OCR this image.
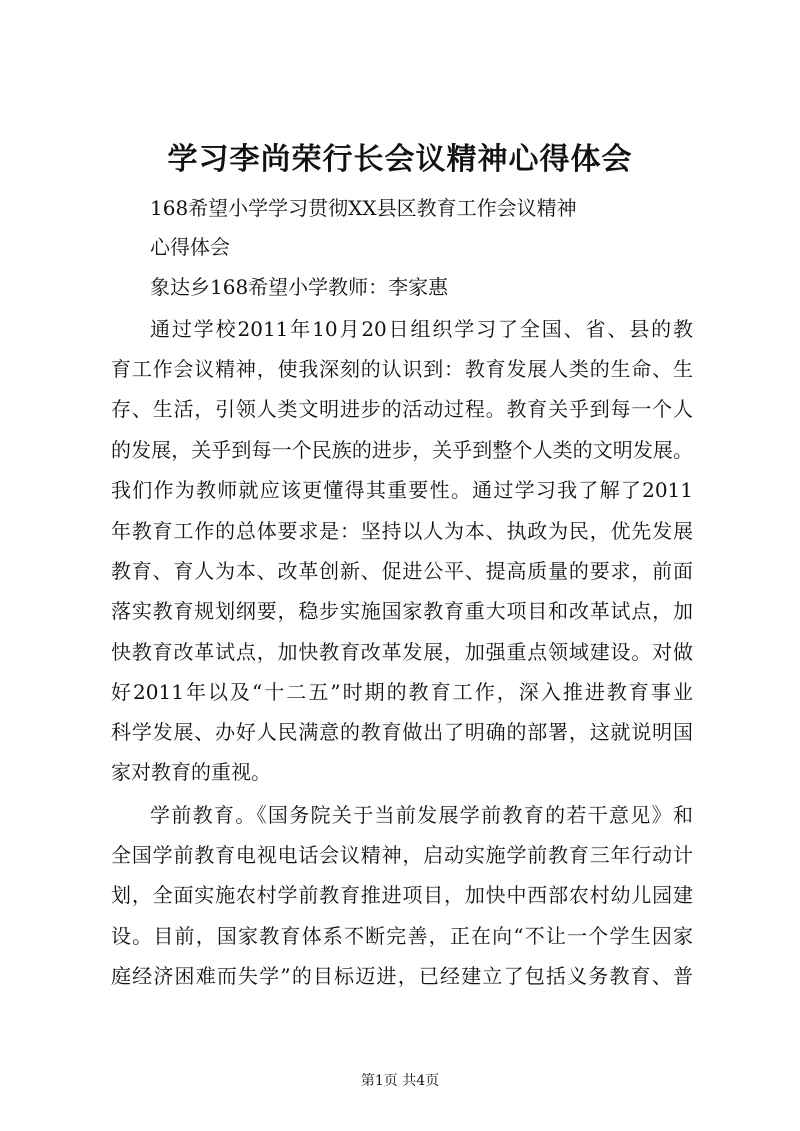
学习李尚荣行长会议精神心得体会
168希望小学学习贯彻XX县区教育工作会议精神
心得体会
象达乡168希望小学教师：李家惠
通过学校2011年10月20日组织学习了全国、省、县的教
育工作会议精神，使我深刻的认识到：教育发展人类的生命、生
存、生活，引领人类文明进步的活动过程。教育关乎到每一个人
的发展，关乎到每一个民族的进步，关乎到整个人类的文明发展。
我们作为教师就应该更懂得其重要性。通过学习我了解了2011
年教育工作的总体要求是：坚持以人为本、执政为民，优先发展
教育、育人为本、改革创新、促进公平、提高质量的要求，前面
落实教育规划纲要，稳步实施国家教育重大项目和改革试点，加
快教育改革试点，加快教育改革发展，加强重点领域建设。对做
好2011年以及“十二五”时期的教育工作，深入推进教育事业
科学发展、办好人民满意的教育做出了明确的部署，这就说明国
家对教育的重视。
学前教育。《国务院关于当前发展学前教育的若干意见》和
全国学前教育电视电话会议精神，启动实施学前教育三年行动计
划，全面实施农村学前教育推进项目，加快中西部农村幼儿园建
设。目前，国家教育体系不断完善，正在向“不让一个学生因家
庭经济困难而失学”的目标迈进，已经建立了包括义务教育、普
第1页 共4页
